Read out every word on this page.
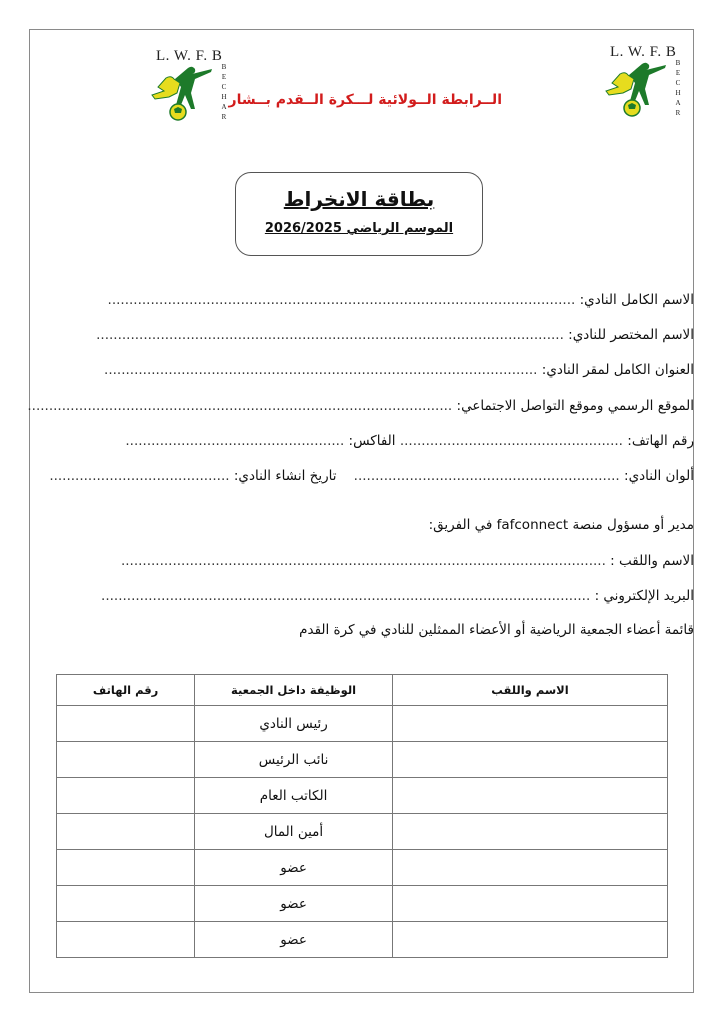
L. W. F. B
B
E
C
H
A
R
الــرابطة الــولائية لـــكرة الــقدم بــشار
L. W. F. B
B
E
C
H
A
R
بطاقة الانخراط
الموسم الرياضي 2026/2025
الاسم الكامل النادي: .............................................................................................................
الاسم المختصر للنادي: .............................................................................................................
العنوان الكامل لمقر النادي: .....................................................................................................
الموقع الرسمي وموقع التواصل الاجتماعي: ...................................................................................................
رقم الهاتف: .................................................... الفاكس: ...................................................
ألوان النادي: ..............................................................    تاريخ انشاء النادي: ..........................................
مدير أو مسؤول منصة fafconnect في الفريق:
الاسم واللقب : .................................................................................................................
البريد الإلكتروني : ..................................................................................................................
قائمة أعضاء الجمعية الرياضية أو الأعضاء الممثلين للنادي في كرة القدم
الاسم واللقب	الوظيفة داخل الجمعية	رقم الهاتف
	رئيس النادي	
	نائب الرئيس	
	الكاتب العام	
	أمين المال	
	عضو	
	عضو	
	عضو	
